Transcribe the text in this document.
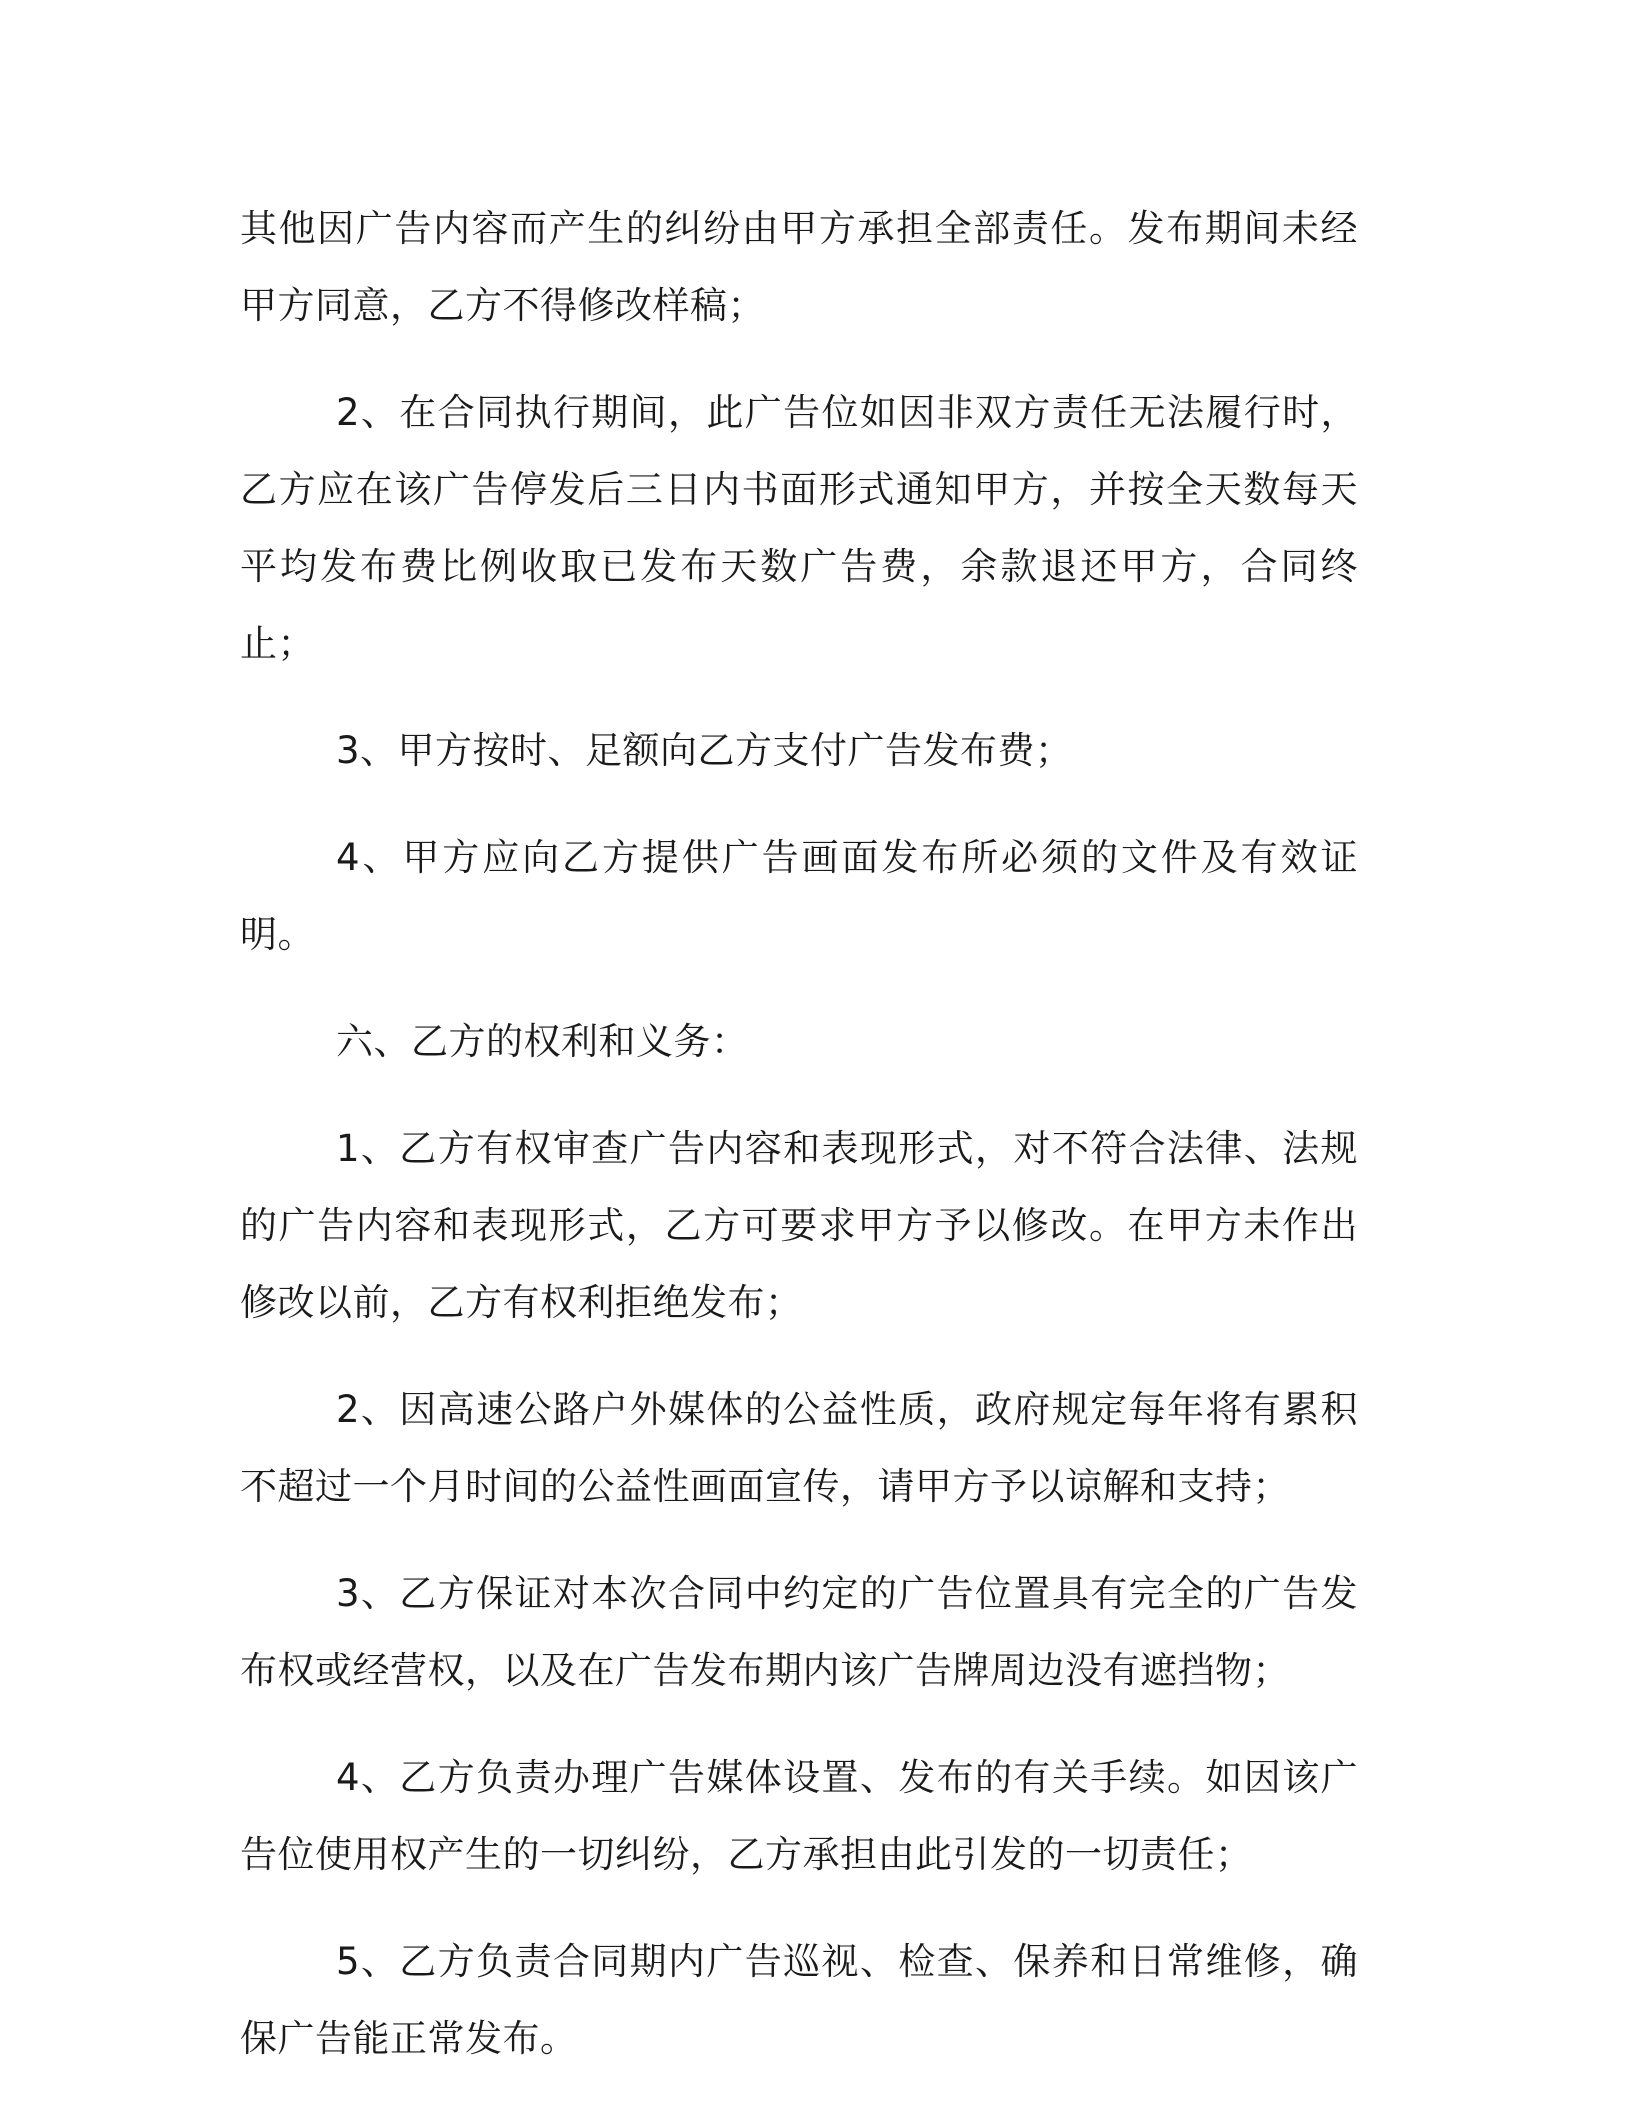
其他因广告内容而产生的纠纷由甲方承担全部责任。发布期间未经甲方同意，乙方不得修改样稿；

2、在合同执行期间，此广告位如因非双方责任无法履行时，乙方应在该广告停发后三日内书面形式通知甲方，并按全天数每天平均发布费比例收取已发布天数广告费，余款退还甲方，合同终止；

3、甲方按时、足额向乙方支付广告发布费；

4、甲方应向乙方提供广告画面发布所必须的文件及有效证明。

六、乙方的权利和义务：

1、乙方有权审查广告内容和表现形式，对不符合法律、法规的广告内容和表现形式，乙方可要求甲方予以修改。在甲方未作出修改以前，乙方有权利拒绝发布；

2、因高速公路户外媒体的公益性质，政府规定每年将有累积不超过一个月时间的公益性画面宣传，请甲方予以谅解和支持；

3、乙方保证对本次合同中约定的广告位置具有完全的广告发布权或经营权，以及在广告发布期内该广告牌周边没有遮挡物；

4、乙方负责办理广告媒体设置、发布的有关手续。如因该广告位使用权产生的一切纠纷，乙方承担由此引发的一切责任；

5、乙方负责合同期内广告巡视、检查、保养和日常维修，确保广告能正常发布。
